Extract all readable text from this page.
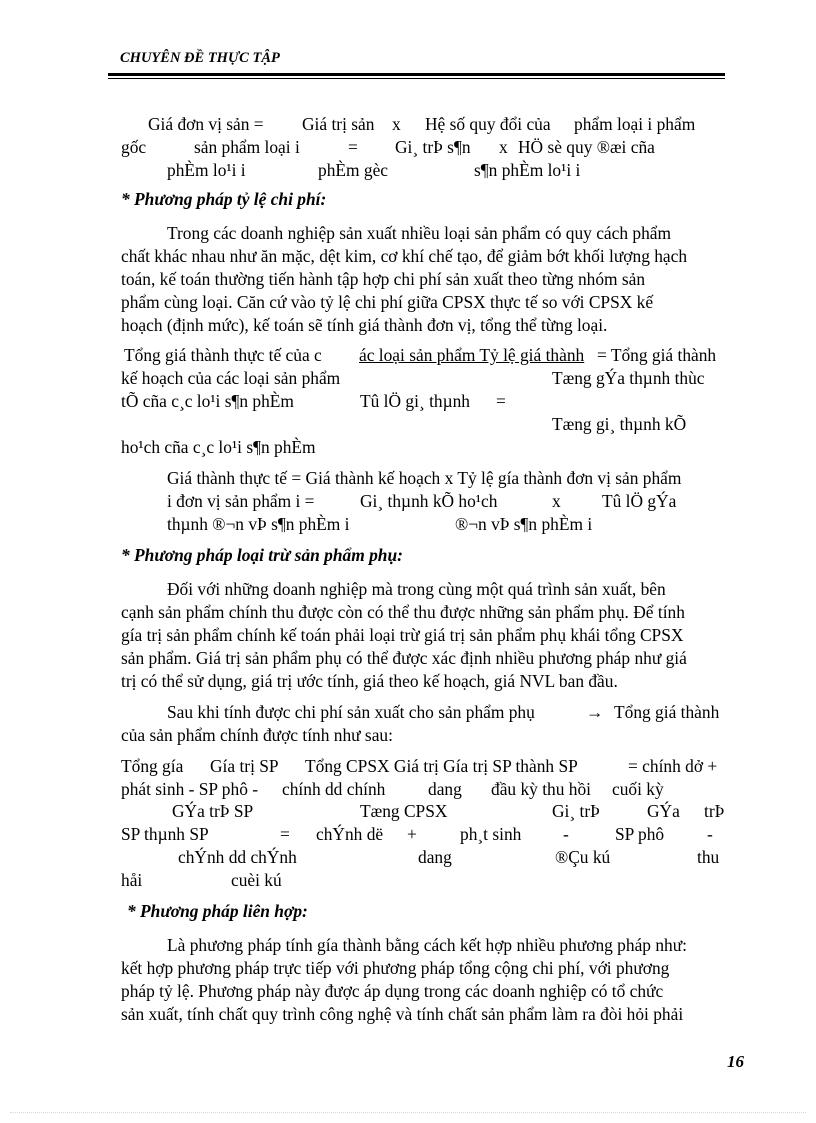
CHUYÊN ĐỀ THỰC TẬP
Giá đơn vị sản = Giá trị sản x Hệ số quy đổi của phẩm loại i phẩm
gốc	sản phẩm loại i	= Gi¸ trÞ s¶n x HÖ sè quy ®æi cña
phÈm lo¹i i	phÈm gèc	s¶n phÈm lo¹i i
* Phương pháp tỷ lệ chi phí:
Trong các doanh nghiệp sản xuất nhiều loại sản phẩm có quy cách phẩm
chất khác nhau như ăn mặc, dệt kim, cơ khí chế tạo, để giảm bớt khối lượng hạch
toán, kế toán thường tiến hành tập hợp chi phí sản xuất theo từng nhóm sản
phẩm cùng loại. Căn cứ vào tỷ lệ chi phí giữa CPSX thực tế so với CPSX kế
hoạch (định mức), kế toán sẽ tính giá thành đơn vị, tổng thể từng loại.
Tổng giá thành thực tế của c ác loại sản phẩm Tỷ lệ giá thành = Tổng giá thành
kế hoạch của các loại sản phẩm	Tæng gÝa thµnh thùc
tÕ cña c¸c lo¹i s¶n phÈm	Tû lÖ gi¸ thµnh =
Tæng gi¸ thµnh kÕ
ho¹ch cña c¸c lo¹i s¶n phÈm
Giá thành thực tế = Giá thành kế hoạch x Tỷ lệ gía thành đơn vị sản phẩm
i đơn vị sản phẩm i =	Gi¸ thµnh kÕ ho¹ch	x Tû lÖ gÝa
thµnh ®¬n vÞ s¶n phÈm i	®¬n vÞ s¶n phÈm i
* Phương pháp loại trừ sản phẩm phụ:
Đối với những doanh nghiệp mà trong cùng một quá trình sản xuất, bên
cạnh sản phẩm chính thu được còn có thể thu được những sản phẩm phụ. Để tính
gía trị sản phẩm chính kế toán phải loại trừ giá trị sản phẩm phụ khái tổng CPSX
sản phẩm. Giá trị sản phẩm phụ có thể được xác định nhiều phương pháp như giá
trị có thể sử dụng, giá trị ước tính, giá theo kế hoạch, giá NVL ban đầu.
Sau khi tính được chi phí sản xuất cho sản phẩm phụ	→ Tổng giá thành
của sản phẩm chính được tính như sau:
Tổng gía Gía trị SP Tổng CPSX Giá trị Gía trị SP thành SP	= chính dở +
phát sinh - SP phô - chính dd chính dang đầu kỳ thu hồi cuối kỳ
GÝa trÞ SP	Tæng CPSX	Gi¸ trÞ	GÝa trÞ
SP thµnh SP	= chÝnh dë + ph¸t sinh -	SP phô -
chÝnh dd chÝnh	dang	®Çu kú	thu
håi	cuèi kú
* Phương pháp liên hợp:
Là phương pháp tính gía thành bằng cách kết hợp nhiều phương pháp như:
kết hợp phương pháp trực tiếp với phương pháp tổng cộng chi phí, với phương
pháp tỷ lệ. Phương pháp này được áp dụng trong các doanh nghiệp có tổ chức
sản xuất, tính chất quy trình công nghệ và tính chất sản phẩm làm ra đòi hỏi phải
16
